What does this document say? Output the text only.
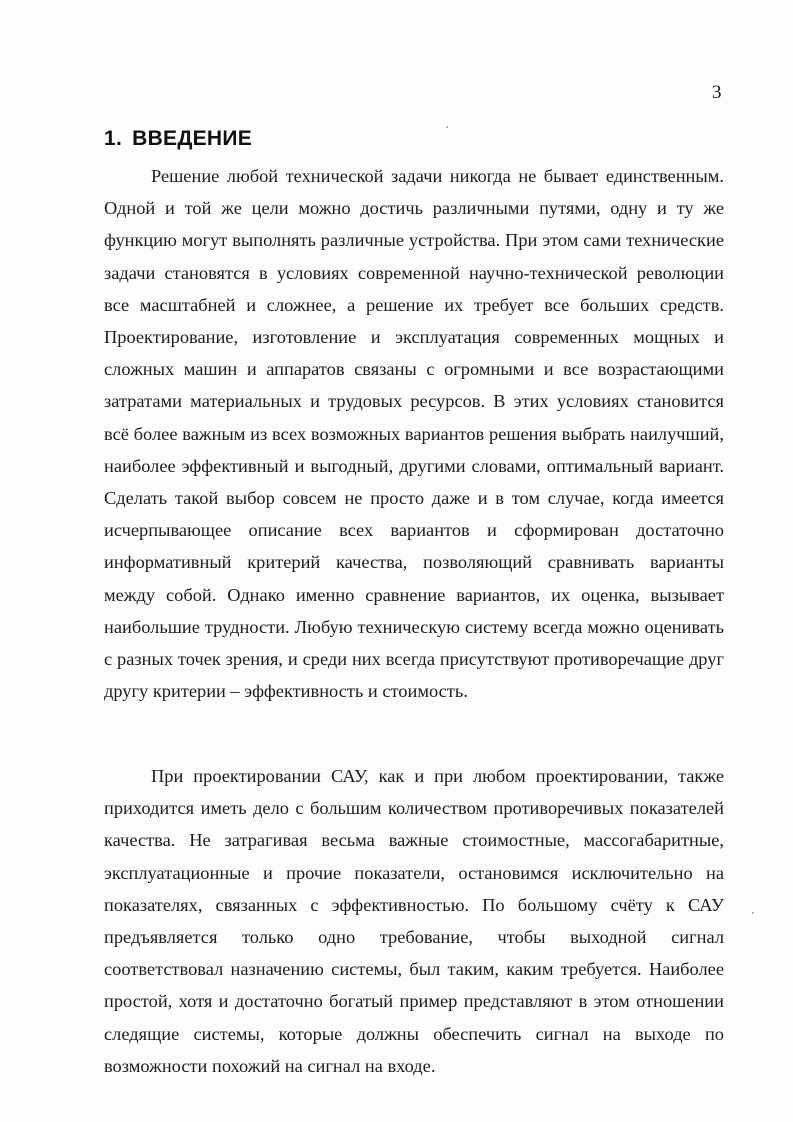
3
1. ВВЕДЕНИЕ

Решение любой технической задачи никогда не бывает единственным. Одной и той же цели можно достичь различными путями, одну и ту же функцию могут выполнять различные устройства. При этом сами технические задачи становятся в условиях современной научно-технической революции все масштабней и сложнее, а решение их требует все больших средств. Проектирование, изготовление и эксплуатация современных мощных и сложных машин и аппаратов связаны с огромными и все возрастающими затратами материальных и трудовых ресурсов. В этих условиях становится всё более важным из всех возможных вариантов решения выбрать наилучший, наиболее эффективный и выгодный, другими словами, оптимальный вариант. Сделать такой выбор совсем не просто даже и в том случае, когда имеется исчерпывающее описание всех вариантов и сформирован достаточно информативный критерий качества, позволяющий сравнивать варианты между собой. Однако именно сравнение вариантов, их оценка, вызывает наибольшие трудности. Любую техническую систему всегда можно оценивать с разных точек зрения, и среди них всегда присутствуют противоречащие друг другу критерии – эффективность и стоимость.

При проектировании САУ, как и при любом проектировании, также приходится иметь дело с большим количеством противоречивых показателей качества. Не затрагивая весьма важные стоимостные, массогабаритные, эксплуатационные и прочие показатели, остановимся исключительно на показателях, связанных с эффективностью. По большому счёту к САУ предъявляется только одно требование, чтобы выходной сигнал соответствовал назначению системы, был таким, каким требуется. Наиболее простой, хотя и достаточно богатый пример представляют в этом отношении следящие системы, которые должны обеспечить сигнал на выходе по возможности похожий на сигнал на входе.
